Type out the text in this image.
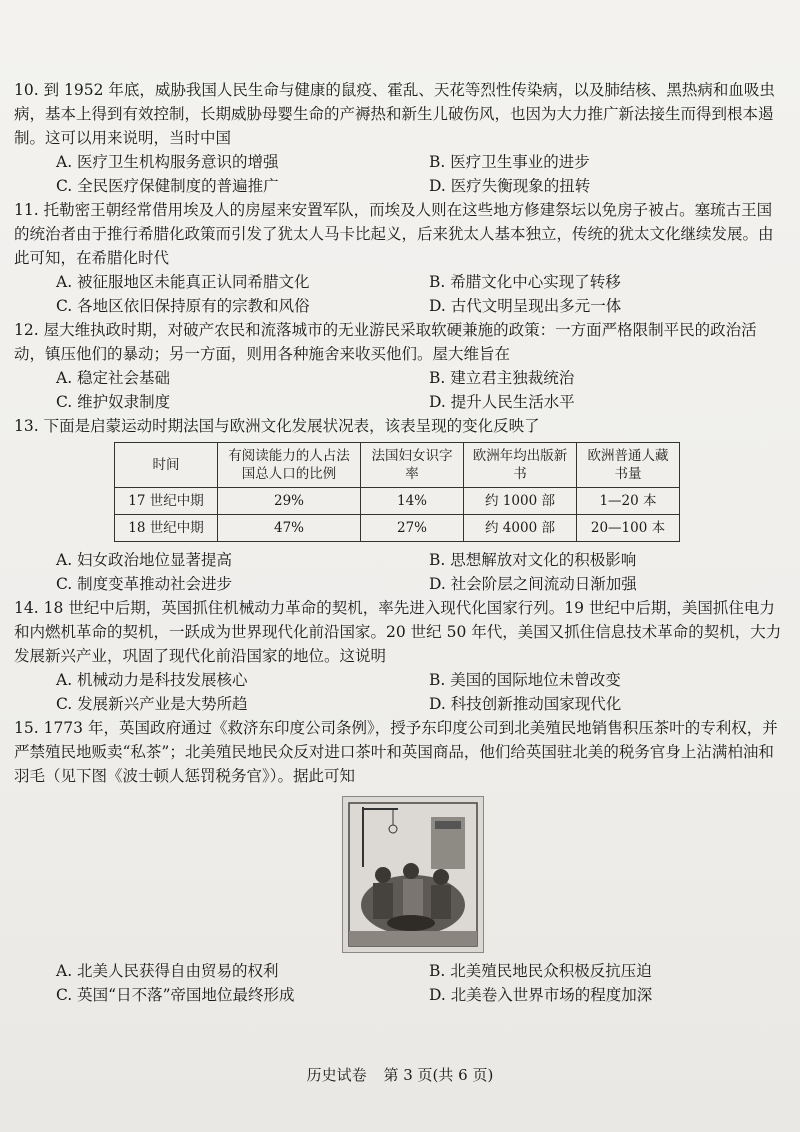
10. 到 1952 年底，威胁我国人民生命与健康的鼠疫、霍乱、天花等烈性传染病，以及肺结核、黑热病和血吸虫病，基本上得到有效控制，长期威胁母婴生命的产褥热和新生儿破伤风，也因为大力推广新法接生而得到根本遏制。这可以用来说明，当时中国
A. 医疗卫生机构服务意识的增强	B. 医疗卫生事业的进步
C. 全民医疗保健制度的普遍推广	D. 医疗失衡现象的扭转
11. 托勒密王朝经常借用埃及人的房屋来安置军队，而埃及人则在这些地方修建祭坛以免房子被占。塞琉古王国的统治者由于推行希腊化政策而引发了犹太人马卡比起义，后来犹太人基本独立，传统的犹太文化继续发展。由此可知，在希腊化时代
A. 被征服地区未能真正认同希腊文化	B. 希腊文化中心实现了转移
C. 各地区依旧保持原有的宗教和风俗	D. 古代文明呈现出多元一体
12. 屋大维执政时期，对破产农民和流落城市的无业游民采取软硬兼施的政策：一方面严格限制平民的政治活动，镇压他们的暴动；另一方面，则用各种施舍来收买他们。屋大维旨在
A. 稳定社会基础	B. 建立君主独裁统治
C. 维护奴隶制度	D. 提升人民生活水平
13. 下面是启蒙运动时期法国与欧洲文化发展状况表，该表呈现的变化反映了
时间	有阅读能力的人占法国总人口的比例	法国妇女识字率	欧洲年均出版新书	欧洲普通人藏书量
17 世纪中期	29%	14%	约 1000 部	1—20 本
18 世纪中期	47%	27%	约 4000 部	20—100 本
A. 妇女政治地位显著提高	B. 思想解放对文化的积极影响
C. 制度变革推动社会进步	D. 社会阶层之间流动日渐加强
14. 18 世纪中后期，英国抓住机械动力革命的契机，率先进入现代化国家行列。19 世纪中后期，美国抓住电力和内燃机革命的契机，一跃成为世界现代化前沿国家。20 世纪 50 年代，美国又抓住信息技术革命的契机，大力发展新兴产业，巩固了现代化前沿国家的地位。这说明
A. 机械动力是科技发展核心	B. 美国的国际地位未曾改变
C. 发展新兴产业是大势所趋	D. 科技创新推动国家现代化
15. 1773 年，英国政府通过《救济东印度公司条例》，授予东印度公司到北美殖民地销售积压茶叶的专利权，并严禁殖民地贩卖“私茶”；北美殖民地民众反对进口茶叶和英国商品，他们给英国驻北美的税务官身上沾满柏油和羽毛（见下图《波士顿人惩罚税务官》）。据此可知
A. 北美人民获得自由贸易的权利	B. 北美殖民地民众积极反抗压迫
C. 英国“日不落”帝国地位最终形成	D. 北美卷入世界市场的程度加深
历史试卷 第 3 页(共 6 页)
